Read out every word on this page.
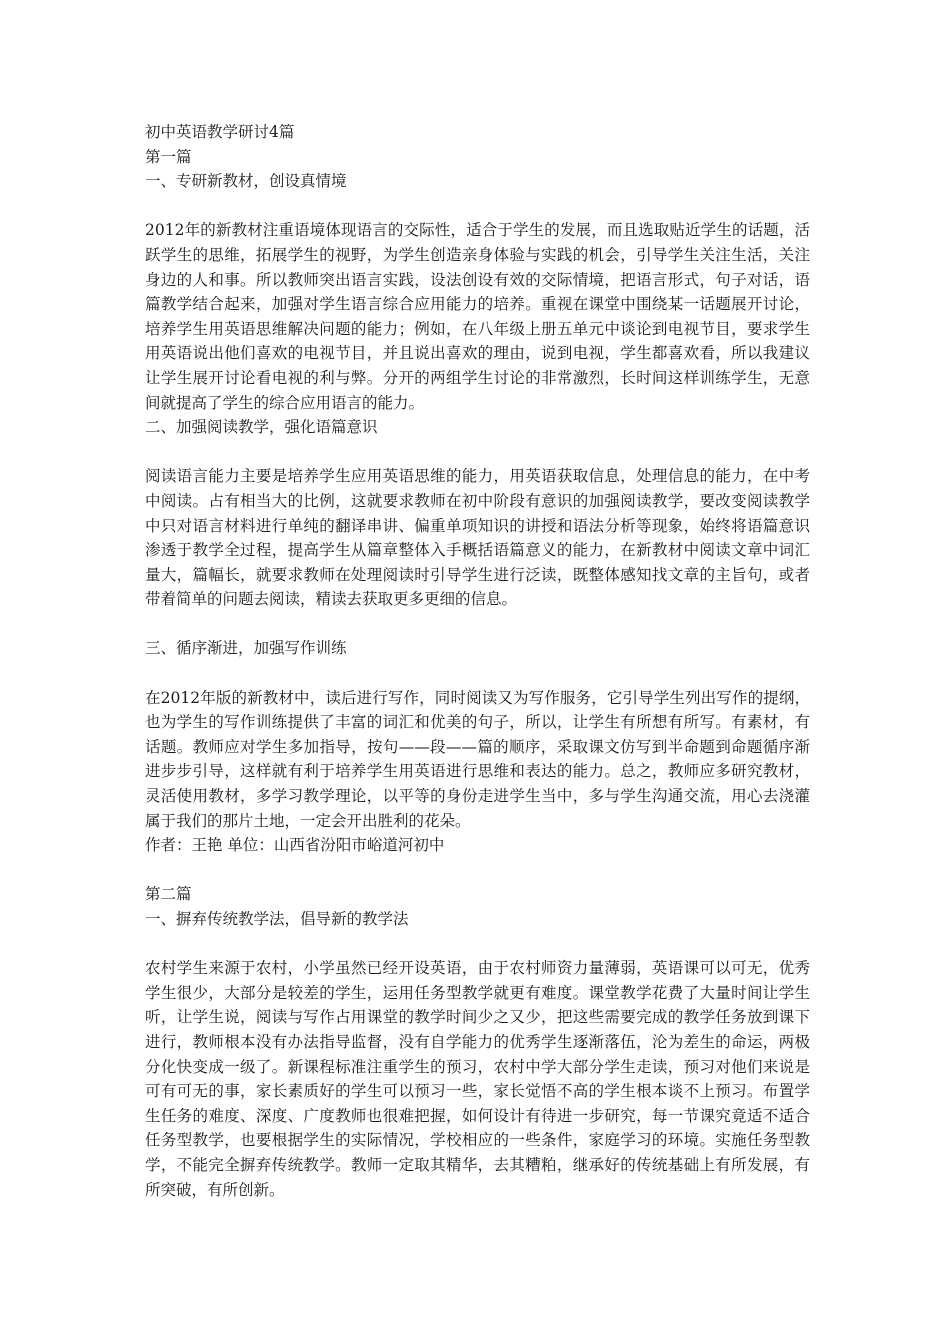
初中英语教学研讨4篇

第一篇

一、专研新教材，创设真情境

2012年的新教材注重语境体现语言的交际性，适合于学生的发展，而且选取贴近学生的话题，活跃学生的思维，拓展学生的视野，为学生创造亲身体验与实践的机会，引导学生关注生活，关注身边的人和事。所以教师突出语言实践，设法创设有效的交际情境，把语言形式，句子对话，语篇教学结合起来，加强对学生语言综合应用能力的培养。重视在课堂中围绕某一话题展开讨论，培养学生用英语思维解决问题的能力；例如，在八年级上册五单元中谈论到电视节目，要求学生用英语说出他们喜欢的电视节目，并且说出喜欢的理由，说到电视，学生都喜欢看，所以我建议让学生展开讨论看电视的利与弊。分开的两组学生讨论的非常激烈，长时间这样训练学生，无意间就提高了学生的综合应用语言的能力。

二、加强阅读教学，强化语篇意识

阅读语言能力主要是培养学生应用英语思维的能力，用英语获取信息，处理信息的能力，在中考中阅读。占有相当大的比例，这就要求教师在初中阶段有意识的加强阅读教学，要改变阅读教学中只对语言材料进行单纯的翻译串讲、偏重单项知识的讲授和语法分析等现象，始终将语篇意识渗透于教学全过程，提高学生从篇章整体入手概括语篇意义的能力，在新教材中阅读文章中词汇量大，篇幅长，就要求教师在处理阅读时引导学生进行泛读，既整体感知找文章的主旨句，或者带着简单的问题去阅读，精读去获取更多更细的信息。

三、循序渐进，加强写作训练

在2012年版的新教材中，读后进行写作，同时阅读又为写作服务，它引导学生列出写作的提纲，也为学生的写作训练提供了丰富的词汇和优美的句子，所以，让学生有所想有所写。有素材，有话题。教师应对学生多加指导，按句——段——篇的顺序，采取课文仿写到半命题到命题循序渐进步步引导，这样就有利于培养学生用英语进行思维和表达的能力。总之，教师应多研究教材，灵活使用教材，多学习教学理论，以平等的身份走进学生当中，多与学生沟通交流，用心去浇灌属于我们的那片土地，一定会开出胜利的花朵。

作者：王艳 单位：山西省汾阳市峪道河初中

第二篇

一、摒弃传统教学法，倡导新的教学法

农村学生来源于农村，小学虽然已经开设英语，由于农村师资力量薄弱，英语课可以可无，优秀学生很少，大部分是较差的学生，运用任务型教学就更有难度。课堂教学花费了大量时间让学生听，让学生说，阅读与写作占用课堂的教学时间少之又少，把这些需要完成的教学任务放到课下进行，教师根本没有办法指导监督，没有自学能力的优秀学生逐渐落伍，沦为差生的命运，两极分化快变成一级了。新课程标准注重学生的预习，农村中学大部分学生走读，预习对他们来说是可有可无的事，家长素质好的学生可以预习一些，家长觉悟不高的学生根本谈不上预习。布置学生任务的难度、深度、广度教师也很难把握，如何设计有待进一步研究，每一节课究竟适不适合任务型教学，也要根据学生的实际情况，学校相应的一些条件，家庭学习的环境。实施任务型教学，不能完全摒弃传统教学。教师一定取其精华，去其糟粕，继承好的传统基础上有所发展，有所突破，有所创新。
